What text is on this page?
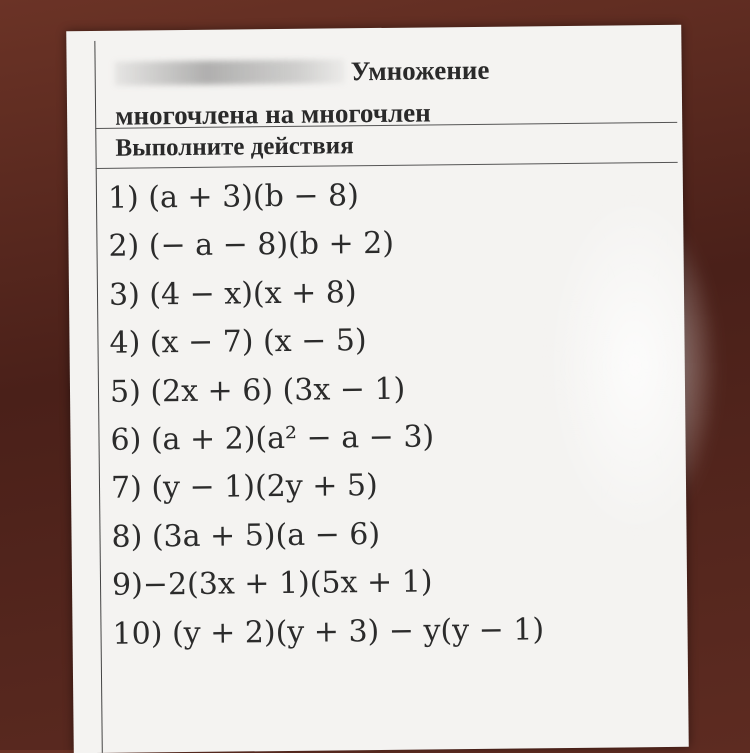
Умножение
многочлена на многочлен
Выполните действия
1) (a + 3)(b − 8)
2) (− a − 8)(b + 2)
3) (4 − x)(x + 8)
4) (x − 7) (x − 5)
5) (2x + 6) (3x − 1)
6) (a + 2)(a² − a − 3)
7) (y − 1)(2y + 5)
8) (3a + 5)(a − 6)
9)−2(3x + 1)(5x + 1)
10) (y + 2)(y + 3) − y(y − 1)
